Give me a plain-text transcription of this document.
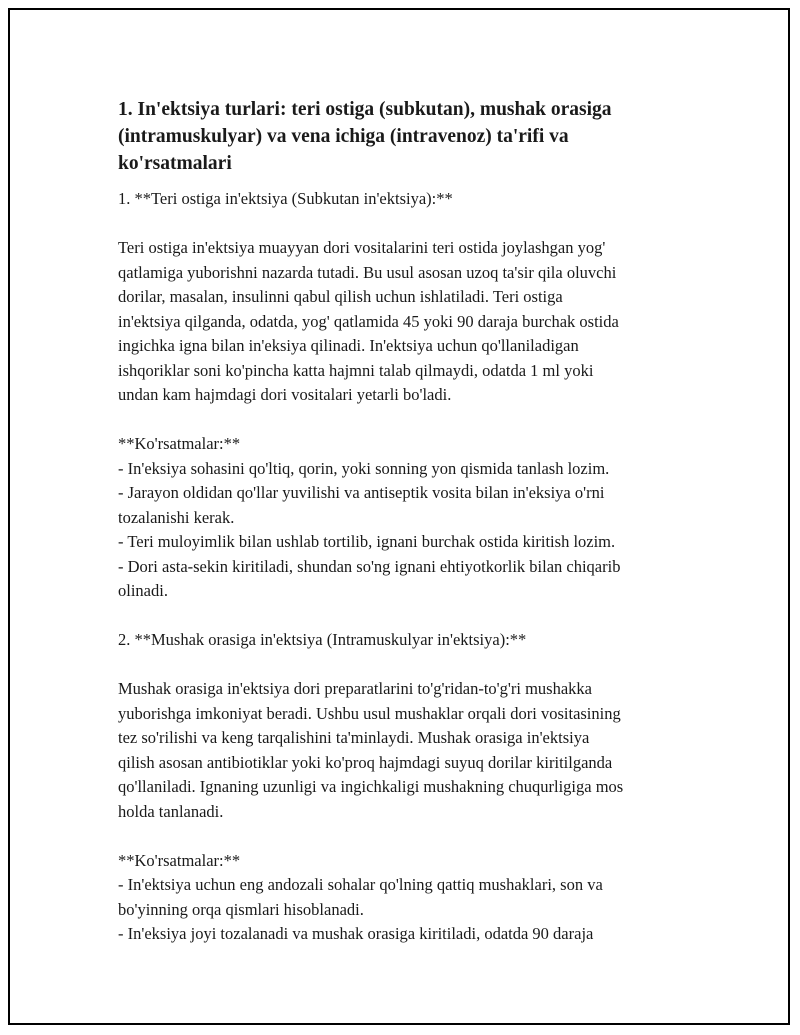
1. In'ektsiya turlari: teri ostiga (subkutan), mushak orasiga
(intramuskulyar) va vena ichiga (intravenoz) ta'rifi va
ko'rsatmalari
1. **Teri ostiga in'ektsiya (Subkutan in'ektsiya):**
Teri ostiga in'ektsiya muayyan dori vositalarini teri ostida joylashgan yog'
qatlamiga yuborishni nazarda tutadi. Bu usul asosan uzoq ta'sir qila oluvchi
dorilar, masalan, insulinni qabul qilish uchun ishlatiladi. Teri ostiga
in'ektsiya qilganda, odatda, yog' qatlamida 45 yoki 90 daraja burchak ostida
ingichka igna bilan in'eksiya qilinadi. In'ektsiya uchun qo'llaniladigan
ishqoriklar soni ko'pincha katta hajmni talab qilmaydi, odatda 1 ml yoki
undan kam hajmdagi dori vositalari yetarli bo'ladi.
**Ko'rsatmalar:**
- In'eksiya sohasini qo'ltiq, qorin, yoki sonning yon qismida tanlash lozim.
- Jarayon oldidan qo'llar yuvilishi va antiseptik vosita bilan in'eksiya o'rni
tozalanishi kerak.
- Teri muloyimlik bilan ushlab tortilib, ignani burchak ostida kiritish lozim.
- Dori asta-sekin kiritiladi, shundan so'ng ignani ehtiyotkorlik bilan chiqarib
olinadi.
2. **Mushak orasiga in'ektsiya (Intramuskulyar in'ektsiya):**
Mushak orasiga in'ektsiya dori preparatlarini to'g'ridan-to'g'ri mushakka
yuborishga imkoniyat beradi. Ushbu usul mushaklar orqali dori vositasining
tez so'rilishi va keng tarqalishini ta'minlaydi. Mushak orasiga in'ektsiya
qilish asosan antibiotiklar yoki ko'proq hajmdagi suyuq dorilar kiritilganda
qo'llaniladi. Ignaning uzunligi va ingichkaligi mushakning chuqurligiga mos
holda tanlanadi.
**Ko'rsatmalar:**
- In'ektsiya uchun eng andozali sohalar qo'lning qattiq mushaklari, son va
bo'yinning orqa qismlari hisoblanadi.
- In'eksiya joyi tozalanadi va mushak orasiga kiritiladi, odatda 90 daraja
